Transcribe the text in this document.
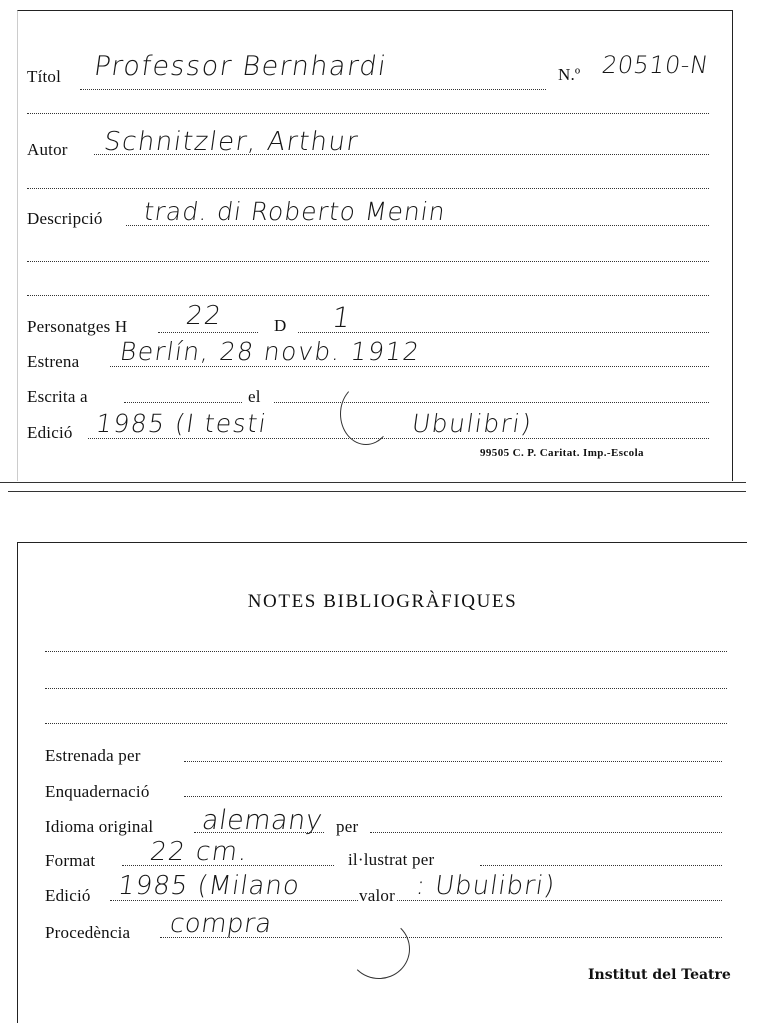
Títol Professor Bernhardi	N.º 20510-N
Autor Schnitzler, Arthur
Descripció trad. di Roberto Menin
Personatges H 22	D 1
Estrena Berlín, 28 novb. 1912
Escrita a	el
Edició 1985 (I testi	Ubulibri)
99505 C. P. Caritat. Imp.-Escola
NOTES BIBLIOGRÀFIQUES
Estrenada per
Enquadernació
Idioma original alemany per
Format 22 cm.	il·lustrat per
Edició 1985 (Milano	valor : Ubulibri)
Procedència compra
Institut del Teatre
